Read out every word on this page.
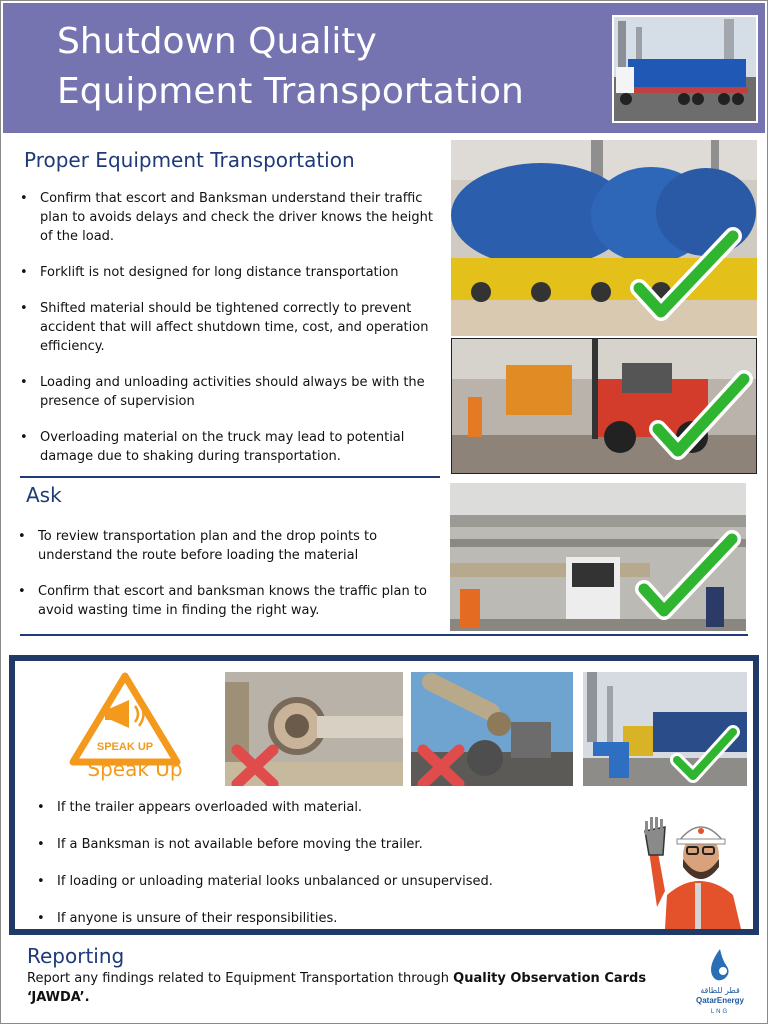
Shutdown Quality
Equipment Transportation
Proper Equipment Transportation
• Confirm that escort and Banksman understand their traffic plan to avoids delays and check the driver knows the height of the load.
• Forklift is not designed for long distance transportation
• Shifted material should be tightened correctly to prevent accident that will affect shutdown time, cost, and operation efficiency.
• Loading and unloading activities should always be with the presence of supervision
• Overloading material on the truck may lead to potential damage due to shaking during transportation.
Ask
• To review transportation plan and the drop points to understand the route before loading the material
• Confirm that escort and banksman knows the traffic plan to avoid wasting time in finding the right way.
SPEAK UP
Speak Up
• If the trailer appears overloaded with material.
• If a Banksman is not available before moving the trailer.
• If loading or unloading material looks unbalanced or unsupervised.
• If anyone is unsure of their responsibilities.
Reporting
Report any findings related to Equipment Transportation through Quality Observation Cards ‘JAWDA’.	قطر للطاقة
QatarEnergy
LNG
